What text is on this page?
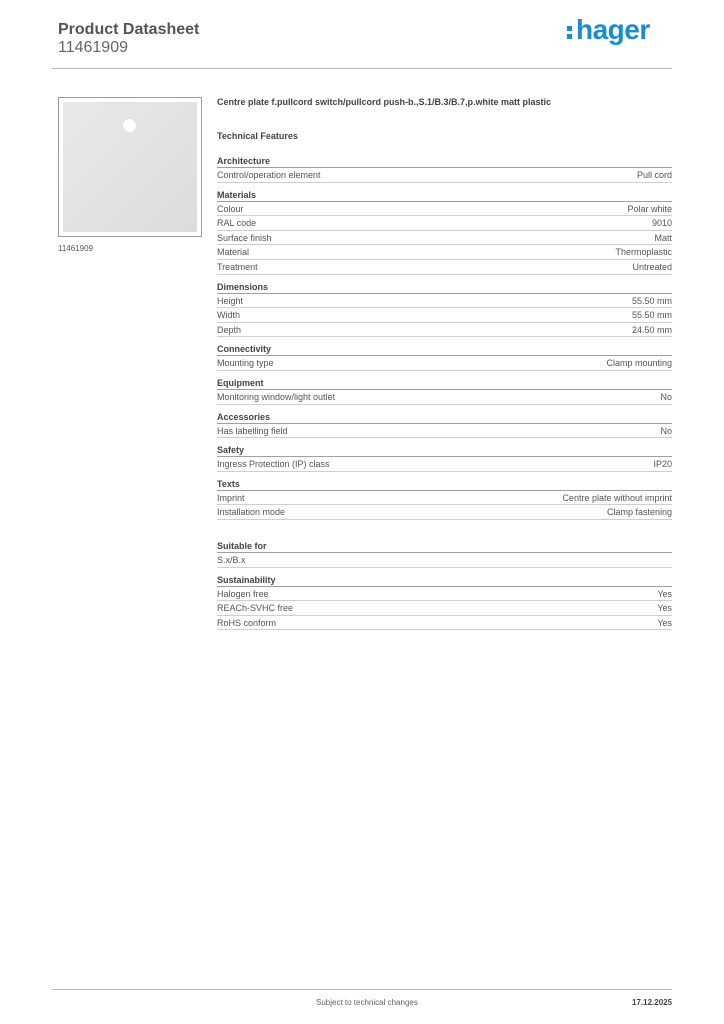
Product Datasheet
11461909
hager
11461909
Centre plate f.pullcord switch/pullcord push-b.,S.1/B.3/B.7,p.white matt plastic
Technical Features
Architecture
Control/operation element	Pull cord
Materials
Colour	Polar white
RAL code	9010
Surface finish	Matt
Material	Thermoplastic
Treatment	Untreated
Dimensions
Height	55.50 mm
Width	55.50 mm
Depth	24.50 mm
Connectivity
Mounting type	Clamp mounting
Equipment
Monitoring window/light outlet	No
Accessories
Has labelling field	No
Safety
Ingress Protection (IP) class	IP20
Texts
Imprint	Centre plate without imprint
Installation mode	Clamp fastening
Suitable for
S.x/B.x
Sustainability
Halogen free	Yes
REACh-SVHC free	Yes
RoHS conform	Yes
Subject to technical changes	17.12.2025
